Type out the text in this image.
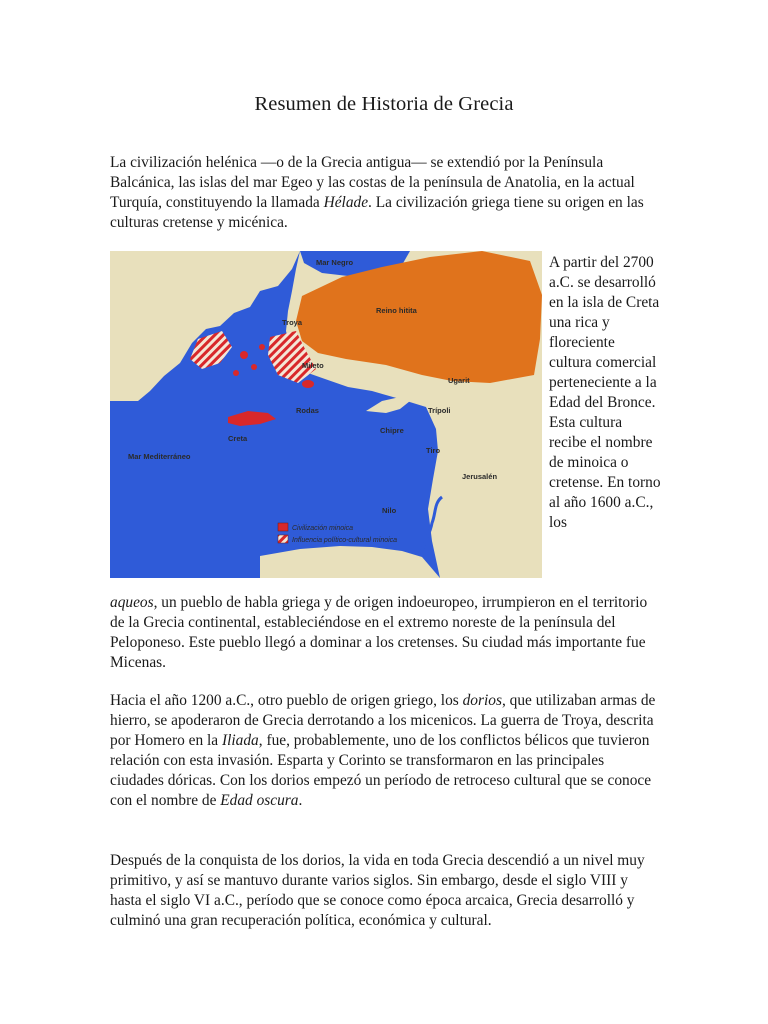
Resumen de Historia de Grecia

La civilización helénica —o de la Grecia antigua— se extendió por la Península Balcánica, las islas del mar Egeo y las costas de la península de Anatolia, en la actual Turquía, constituyendo la llamada Hélade. La civilización griega tiene su origen en las culturas cretense y micénica.

Mar Negro
Reino hitita
Troya
Mileto
Rodas
Creta
Chipre
Ugarit
Trípoli
Tiro
Jerusalén
Nilo
Mar Mediterráneo
Civilización minoica
Influencia político-cultural minoica

A partir del 2700 a.C. se desarrolló en la isla de Creta una rica y floreciente cultura comercial perteneciente a la Edad del Bronce. Esta cultura recibe el nombre de minoica o cretense. En torno al año 1600 a.C., los

aqueos, un pueblo de habla griega y de origen indoeuropeo, irrumpieron en el territorio de la Grecia continental, estableciéndose en el extremo noreste de la península del Peloponeso. Este pueblo llegó a dominar a los cretenses. Su ciudad más importante fue Micenas.

Hacia el año 1200 a.C., otro pueblo de origen griego, los dorios, que utilizaban armas de hierro, se apoderaron de Grecia derrotando a los micenicos. La guerra de Troya, descrita por Homero en la Iliada, fue, probablemente, uno de los conflictos bélicos que tuvieron relación con esta invasión. Esparta y Corinto se transformaron en las principales ciudades dóricas. Con los dorios empezó un período de retroceso cultural que se conoce con el nombre de Edad oscura.

Después de la conquista de los dorios, la vida en toda Grecia descendió a un nivel muy primitivo, y así se mantuvo durante varios siglos. Sin embargo, desde el siglo VIII y hasta el siglo VI a.C., período que se conoce como época arcaica, Grecia desarrolló y culminó una gran recuperación política, económica y cultural.
